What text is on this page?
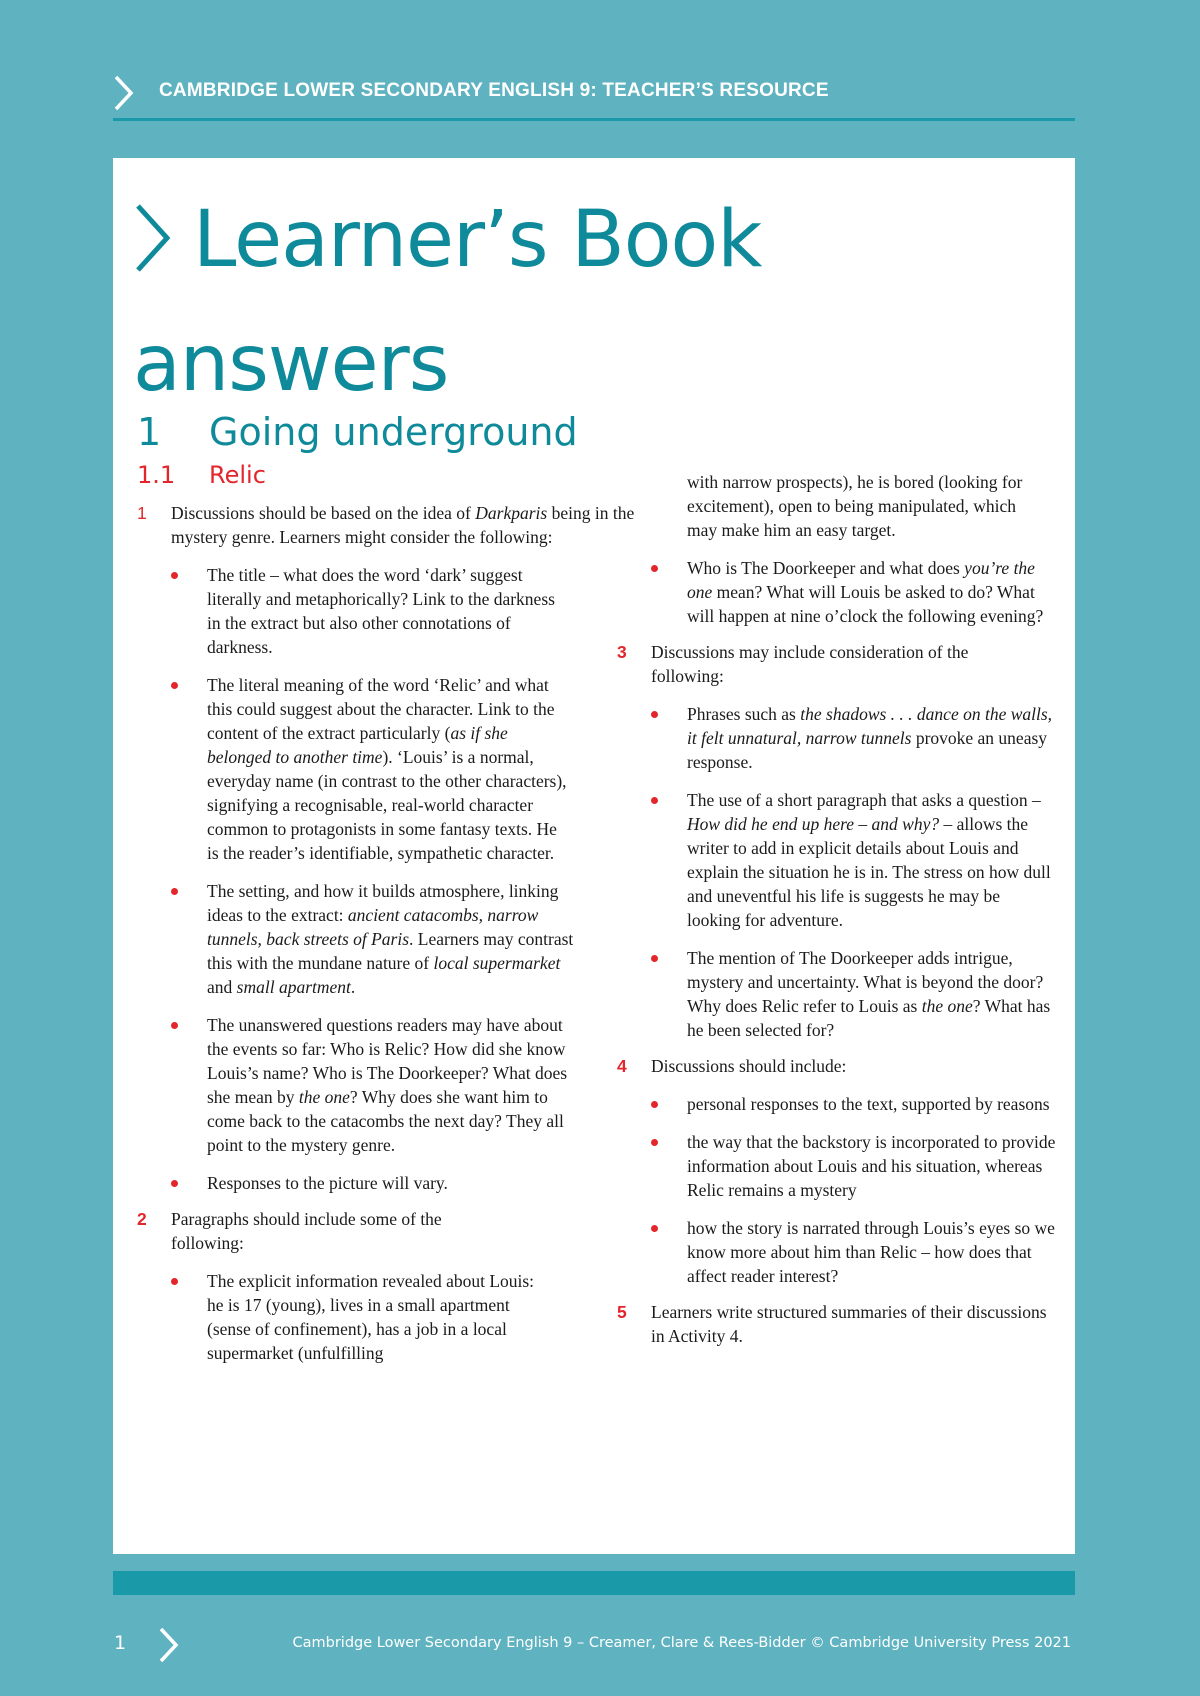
CAMBRIDGE LOWER SECONDARY ENGLISH 9: TEACHER’S RESOURCE
Learner’s Book
answers
1 Going underground
1.1 Relic
1 Discussions should be based on the idea of Darkparis being in the mystery genre. Learners might consider the following:

The title – what does the word ‘dark’ suggest literally and metaphorically? Link to the darkness in the extract but also other connotations of darkness.
The literal meaning of the word ‘Relic’ and what this could suggest about the character. Link to the content of the extract particularly (as if she belonged to another time). ‘Louis’ is a normal, everyday name (in contrast to the other characters), signifying a recognisable, real-world character common to protagonists in some fantasy texts. He is the reader’s identifiable, sympathetic character.
The setting, and how it builds atmosphere, linking ideas to the extract: ancient catacombs, narrow tunnels, back streets of Paris. Learners may contrast this with the mundane nature of local supermarket and small apartment.
The unanswered questions readers may have about the events so far: Who is Relic? How did she know Louis’s name? Who is The Doorkeeper? What does she mean by the one? Why does she want him to come back to the catacombs the next day? They all point to the mystery genre.
Responses to the picture will vary.
2 Paragraphs should include some of the following:

The explicit information revealed about Louis: he is 17 (young), lives in a small apartment (sense of confinement), has a job in a local supermarket (unfulfilling
with narrow prospects), he is bored (looking for excitement), open to being manipulated, which may make him an easy target.
Who is The Doorkeeper and what does you’re the one mean? What will Louis be asked to do? What will happen at nine o’clock the following evening?
3 Discussions may include consideration of the following:

Phrases such as the shadows . . . dance on the walls, it felt unnatural, narrow tunnels provoke an uneasy response.
The use of a short paragraph that asks a question – How did he end up here – and why? – allows the writer to add in explicit details about Louis and explain the situation he is in. The stress on how dull and uneventful his life is suggests he may be looking for adventure.
The mention of The Doorkeeper adds intrigue, mystery and uncertainty. What is beyond the door? Why does Relic refer to Louis as the one? What has he been selected for?
4 Discussions should include:

personal responses to the text, supported by reasons
the way that the backstory is incorporated to provide information about Louis and his situation, whereas Relic remains a mystery
how the story is narrated through Louis’s eyes so we know more about him than Relic – how does that affect reader interest?
5 Learners write structured summaries of their discussions in Activity 4.

1	Cambridge Lower Secondary English 9 – Creamer, Clare & Rees-Bidder © Cambridge University Press 2021
